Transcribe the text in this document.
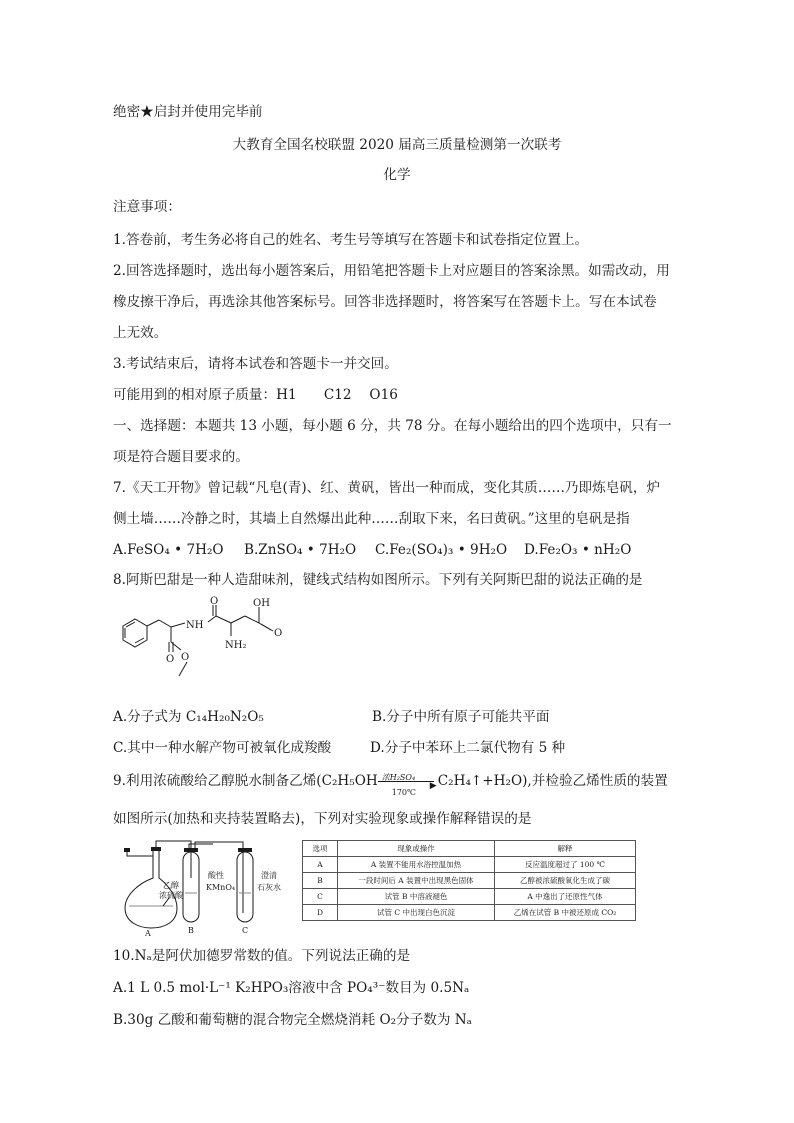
绝密★启封并使用完毕前
大教育全国名校联盟 2020 届高三质量检测第一次联考
化学
注意事项：
1.答卷前，考生务必将自己的姓名、考生号等填写在答题卡和试卷指定位置上。
2.回答选择题时，选出每小题答案后，用铅笔把答题卡上对应题目的答案涂黑。如需改动，用
橡皮擦干净后，再选涂其他答案标号。回答非选择题时，将答案写在答题卡上。写在本试卷
上无效。
3.考试结束后，请将本试卷和答题卡一并交回。
可能用到的相对原子质量：H1　　C12　 O16
一、选择题：本题共 13 小题，每小题 6 分，共 78 分。在每小题给出的四个选项中，只有一
项是符合题目要求的。
7.《天工开物》曾记载“凡皂(青)、红、黄矾，皆出一种而成，变化其质……乃即炼皂矾，炉
侧土墙……冷静之时，其墙上自然爆出此种……刮取下来，名曰黄矾。”这里的皂矾是指
A.FeSO₄ • 7H₂O B.ZnSO₄ • 7H₂O C.Fe₂(SO₄)₃ • 9H₂O D.Fe₂O₃ • nH₂O
8.阿斯巴甜是一种人造甜味剂，键线式结构如图所示。下列有关阿斯巴甜的说法正确的是
OH
O
O
NH
NH₂
O O
A.分子式为 C₁₄H₂₀N₂O₅	B.分子中所有原子可能共平面
C.其中一种水解产物可被氧化成羧酸	D.分子中苯环上二氯代物有 5 种
9.利用浓硫酸给乙醇脱水制备乙烯(C₂H₅OH 浓H₂SO₄
▶
170℃
C₂H₄↑+H₂O),并检验乙烯性质的装置
如图所示(加热和夹持装置略去)，下列对实验现象或操作解释错误的是
乙醇
浓硫酸
酸性
KMnO₄
澄清
石灰水
A	B	C
选项	现象或操作	解释
A	A 装置不能用水浴控温加热	反应温度超过了 100 ℃
B	一段时间后 A 装置中出现黑色固体	乙醇被浓硫酸氧化生成了碳
C	试管 B 中溶液褪色	A 中逸出了还原性气体
D	试管 C 中出现白色沉淀	乙烯在试管 B 中被还原成 CO₂
10.Nₐ是阿伏加德罗常数的值。下列说法正确的是
A.1 L 0.5 mol·L⁻¹ K₂HPO₃溶液中含 PO₄³⁻数目为 0.5Nₐ
B.30g 乙酸和葡萄糖的混合物完全燃烧消耗 O₂分子数为 Nₐ
